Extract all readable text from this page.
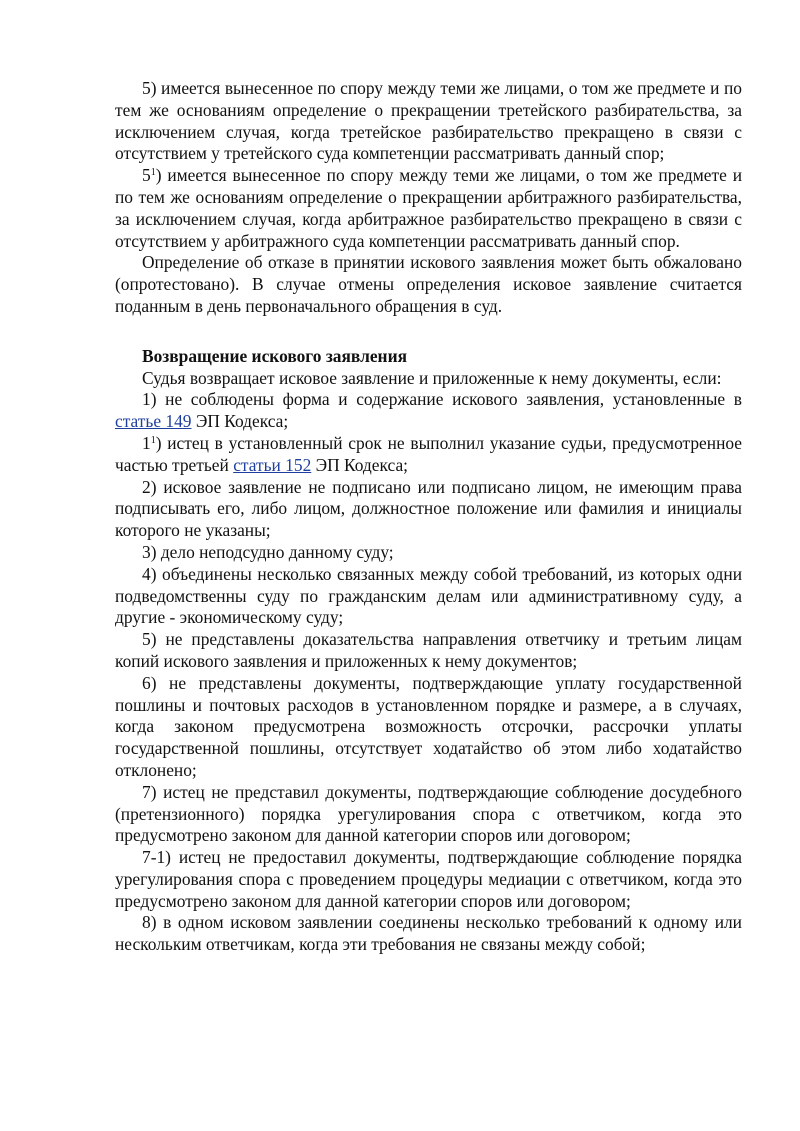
5) имеется вынесенное по спору между теми же лицами, о том же предмете и по тем же основаниям определение о прекращении третейского разбирательства, за исключением случая, когда третейское разбирательство прекращено в связи с отсутствием у третейского суда компетенции рассматривать данный спор;

$5^1$) имеется вынесенное по спору между теми же лицами, о том же предмете и по тем же основаниям определение о прекращении арбитражного разбирательства, за исключением случая, когда арбитражное разбирательство прекращено в связи с отсутствием у арбитражного суда компетенции рассматривать данный спор.

Определение об отказе в принятии искового заявления может быть обжаловано (опротестовано). В случае отмены определения исковое заявление считается поданным в день первоначального обращения в суд.

Возвращение искового заявления

Судья возвращает исковое заявление и приложенные к нему документы, если:

1) не соблюдены форма и содержание искового заявления, установленные в статье 149 ЭП Кодекса;

$1^1$) истец в установленный срок не выполнил указание судьи, предусмотренное частью третьей статьи 152 ЭП Кодекса;

2) исковое заявление не подписано или подписано лицом, не имеющим права подписывать его, либо лицом, должностное положение или фамилия и инициалы которого не указаны;

3) дело неподсудно данному суду;

4) объединены несколько связанных между собой требований, из которых одни подведомственны суду по гражданским делам или административному суду, а другие - экономическому суду;

5) не представлены доказательства направления ответчику и третьим лицам копий искового заявления и приложенных к нему документов;

6) не представлены документы, подтверждающие уплату государственной пошлины и почтовых расходов в установленном порядке и размере, а в случаях, когда законом предусмотрена возможность отсрочки, рассрочки уплаты государственной пошлины, отсутствует ходатайство об этом либо ходатайство отклонено;

7) истец не представил документы, подтверждающие соблюдение досудебного (претензионного) порядка урегулирования спора с ответчиком, когда это предусмотрено законом для данной категории споров или договором;

7-1) истец не предоставил документы, подтверждающие соблюдение порядка урегулирования спора с проведением процедуры медиации с ответчиком, когда это предусмотрено законом для данной категории споров или договором;

8) в одном исковом заявлении соединены несколько требований к одному или нескольким ответчикам, когда эти требования не связаны между собой;
